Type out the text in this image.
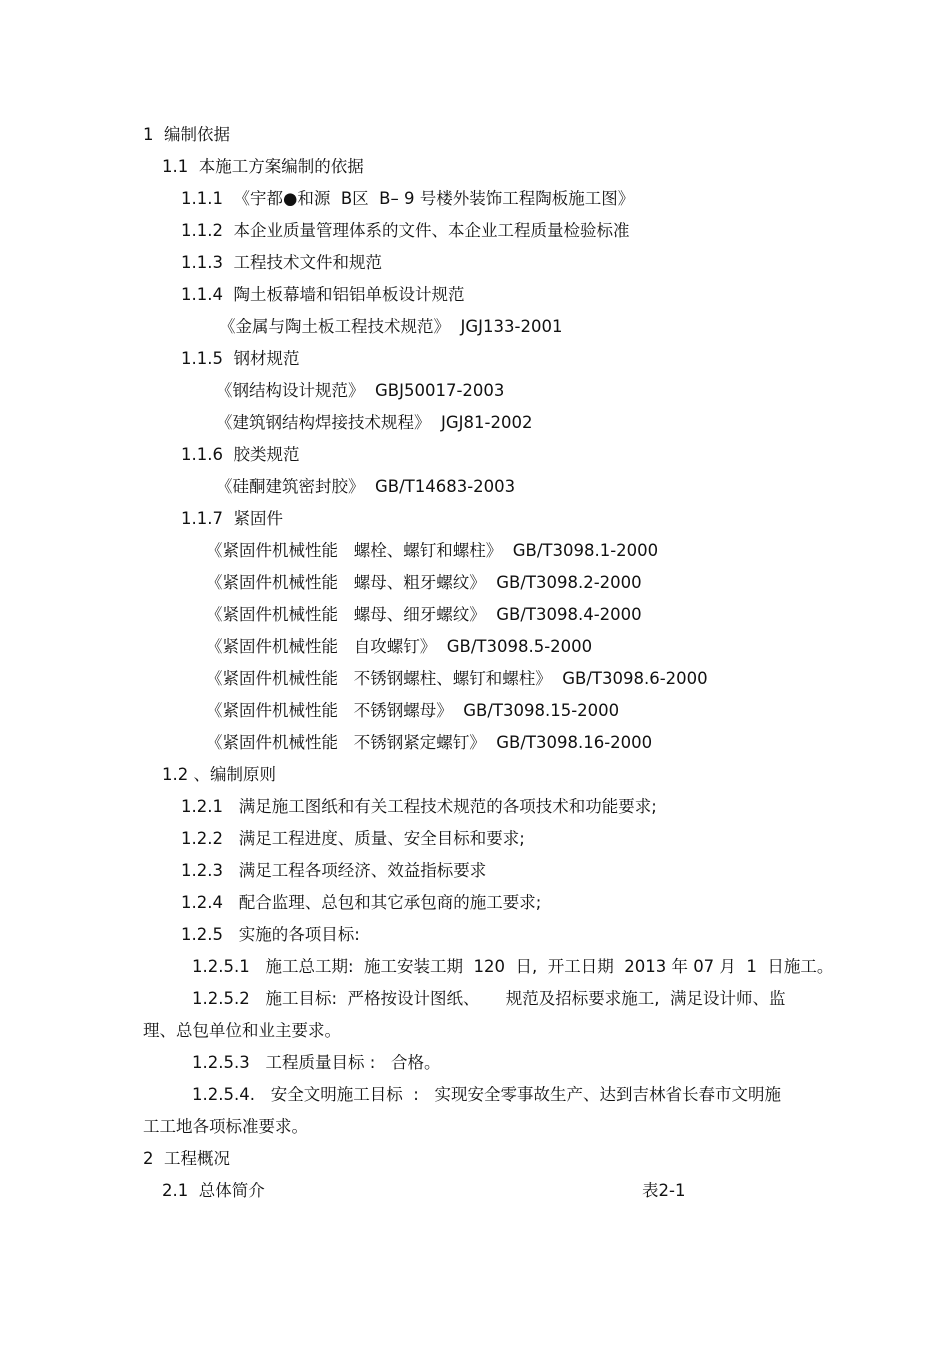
1  编制依据
1.1  本施工方案编制的依据
1.1.1  《宇都●和源  B区  B– 9 号楼外装饰工程陶板施工图》
1.1.2  本企业质量管理体系的文件、本企业工程质量检验标准
1.1.3  工程技术文件和规范
1.1.4  陶土板幕墙和铝铝单板设计规范
《金属与陶土板工程技术规范》  JGJ133-2001
1.1.5  钢材规范
《钢结构设计规范》  GBJ50017-2003
《建筑钢结构焊接技术规程》  JGJ81-2002
1.1.6  胶类规范
《硅酮建筑密封胶》  GB/T14683-2003
1.1.7  紧固件
《紧固件机械性能   螺栓、螺钉和螺柱》  GB/T3098.1-2000
《紧固件机械性能   螺母、粗牙螺纹》  GB/T3098.2-2000
《紧固件机械性能   螺母、细牙螺纹》  GB/T3098.4-2000
《紧固件机械性能   自攻螺钉》  GB/T3098.5-2000
《紧固件机械性能   不锈钢螺柱、螺钉和螺柱》  GB/T3098.6-2000
《紧固件机械性能   不锈钢螺母》  GB/T3098.15-2000
《紧固件机械性能   不锈钢紧定螺钉》  GB/T3098.16-2000
1.2 、编制原则
1.2.1   满足施工图纸和有关工程技术规范的各项技术和功能要求;
1.2.2   满足工程进度、质量、安全目标和要求;
1.2.3   满足工程各项经济、效益指标要求
1.2.4   配合监理、总包和其它承包商的施工要求;
1.2.5   实施的各项目标:
1.2.5.1   施工总工期:  施工安装工期  120  日,  开工日期  2013 年 07 月  1  日施工。
1.2.5.2   施工目标:  严格按设计图纸、     规范及招标要求施工,  满足设计师、监
理、总包单位和业主要求。
1.2.5.3   工程质量目标 :   合格。
1.2.5.4.   安全文明施工目标  :   实现安全零事故生产、达到吉林省长春市文明施
工工地各项标准要求。
2  工程概况
2.1  总体简介	表2-1
